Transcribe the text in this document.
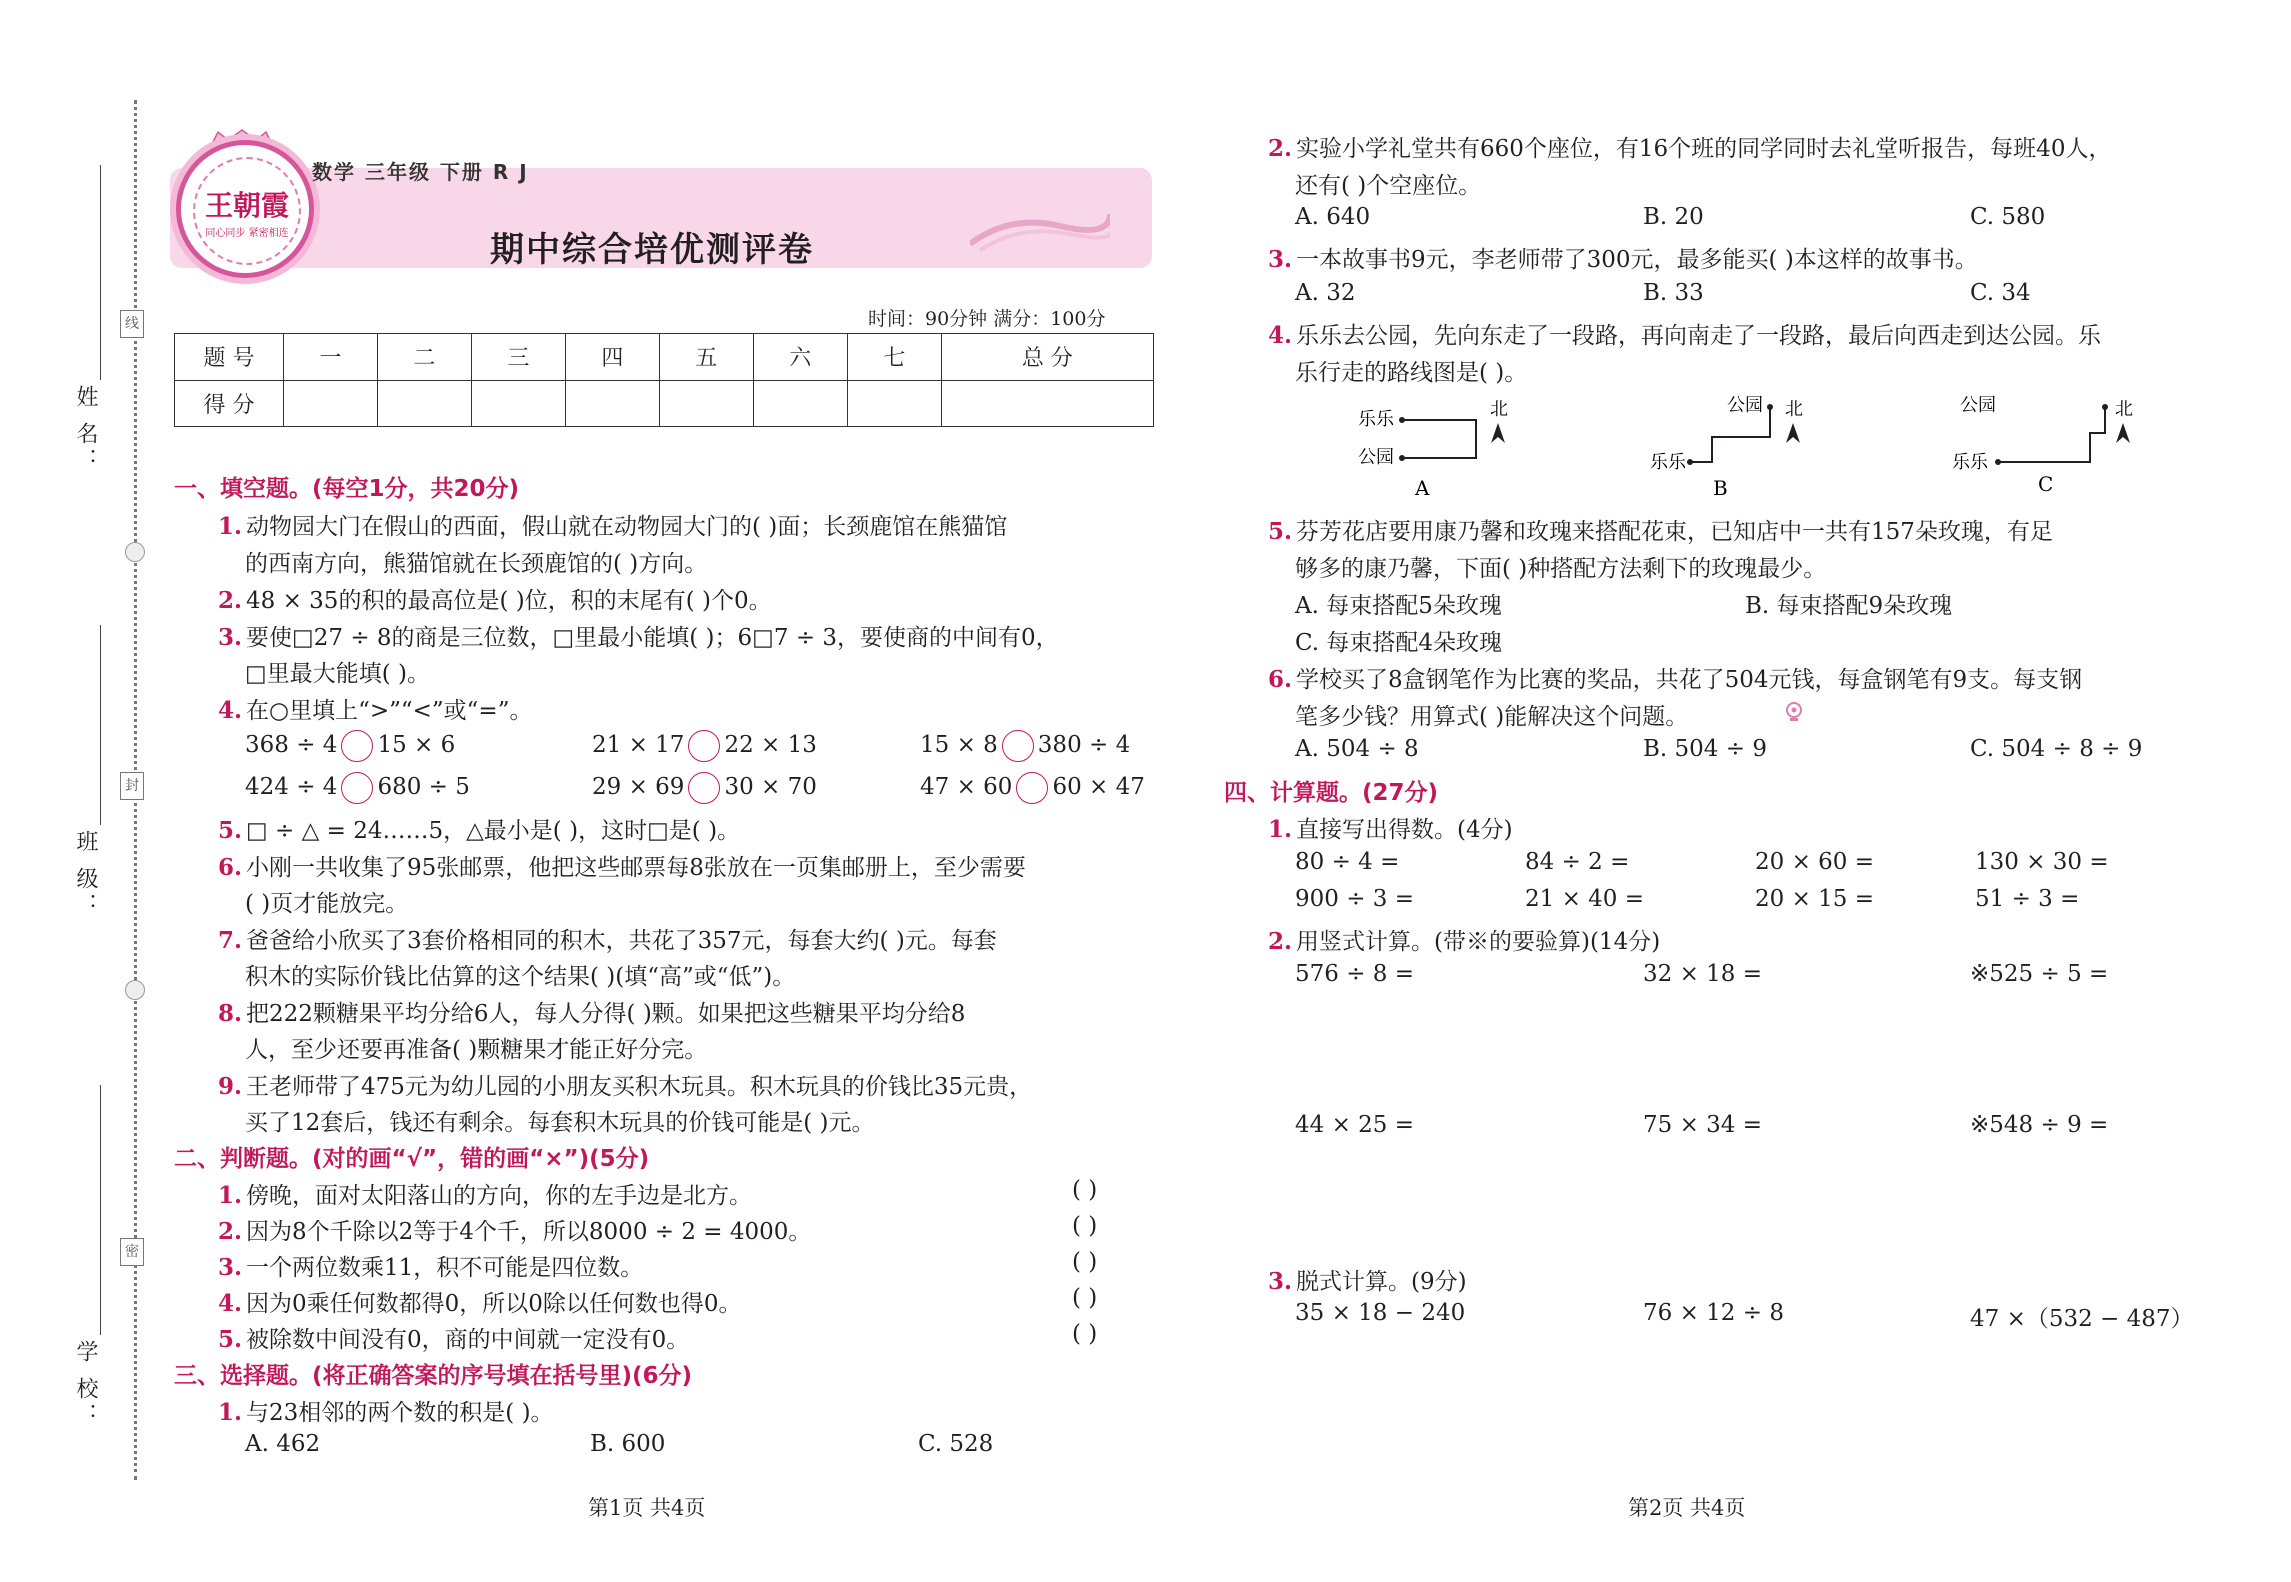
姓 名：
班 级：
学 校：
线
封
密
王朝霞
同心同步 紧密相连
数学 三年级 下册 R J
期中综合培优测评卷
时间：90分钟 满分：100分
题 号	一	二	三	四	五	六	七	总 分
得 分								
一、填空题。(每空1分，共20分)
1. 动物园大门在假山的西面，假山就在动物园大门的( )面；长颈鹿馆在熊猫馆
的西南方向，熊猫馆就在长颈鹿馆的( )方向。
2. 48 × 35的积的最高位是( )位，积的末尾有( )个0。
3. 要使□27 ÷ 8的商是三位数，□里最小能填( )；6□7 ÷ 3，要使商的中间有0，
□里最大能填( )。
4. 在○里填上“>”“<”或“=”。
368 ÷ 4 15 × 6	21 × 17 22 × 13	15 × 8 380 ÷ 4
424 ÷ 4 680 ÷ 5	29 × 69 30 × 70	47 × 60 60 × 47
5. □ ÷ △ = 24……5，△最小是( )，这时□是( )。
6. 小刚一共收集了95张邮票，他把这些邮票每8张放在一页集邮册上，至少需要
( )页才能放完。
7. 爸爸给小欣买了3套价格相同的积木，共花了357元，每套大约( )元。每套
积木的实际价钱比估算的这个结果( )(填“高”或“低”)。
8. 把222颗糖果平均分给6人，每人分得( )颗。如果把这些糖果平均分给8
人，至少还要再准备( )颗糖果才能正好分完。
9. 王老师带了475元为幼儿园的小朋友买积木玩具。积木玩具的价钱比35元贵，
买了12套后，钱还有剩余。每套积木玩具的价钱可能是( )元。
二、判断题。(对的画“√”，错的画“×”)(5分)
1. 傍晚，面对太阳落山的方向，你的左手边是北方。	( )
2. 因为8个千除以2等于4个千，所以8000 ÷ 2 = 4000。	( )
3. 一个两位数乘11，积不可能是四位数。	( )
4. 因为0乘任何数都得0，所以0除以任何数也得0。	( )
5. 被除数中间没有0，商的中间就一定没有0。	( )
三、选择题。(将正确答案的序号填在括号里)(6分)
1. 与23相邻的两个数的积是( )。
A. 462	B. 600	C. 528
2. 实验小学礼堂共有660个座位，有16个班的同学同时去礼堂听报告，每班40人，
还有( )个空座位。
A. 640	B. 20	C. 580
3. 一本故事书9元，李老师带了300元，最多能买( )本这样的故事书。
A. 32	B. 33	C. 34
4. 乐乐去公园，先向东走了一段路，再向南走了一段路，最后向西走到达公园。乐
乐行走的路线图是( )。
乐乐
公园
北
A
公园
乐乐
北
B
公园
乐乐
北
C
5. 芬芳花店要用康乃馨和玫瑰来搭配花束，已知店中一共有157朵玫瑰，有足
够多的康乃馨，下面( )种搭配方法剩下的玫瑰最少。
A. 每束搭配5朵玫瑰	B. 每束搭配9朵玫瑰
C. 每束搭配4朵玫瑰
6. 学校买了8盒钢笔作为比赛的奖品，共花了504元钱，每盒钢笔有9支。每支钢
笔多少钱？用算式( )能解决这个问题。
A. 504 ÷ 8	B. 504 ÷ 9	C. 504 ÷ 8 ÷ 9
四、计算题。(27分)
1. 直接写出得数。(4分)
80 ÷ 4 =	84 ÷ 2 =	20 × 60 =	130 × 30 =
900 ÷ 3 =	21 × 40 =	20 × 15 =	51 ÷ 3 =
2. 用竖式计算。(带※的要验算)(14分)
576 ÷ 8 =	32 × 18 =	※525 ÷ 5 =
44 × 25 =	75 × 34 =	※548 ÷ 9 =
3. 脱式计算。(9分)
35 × 18 − 240	76 × 12 ÷ 8	47 ×（532 − 487）
第1页 共4页	第2页 共4页
